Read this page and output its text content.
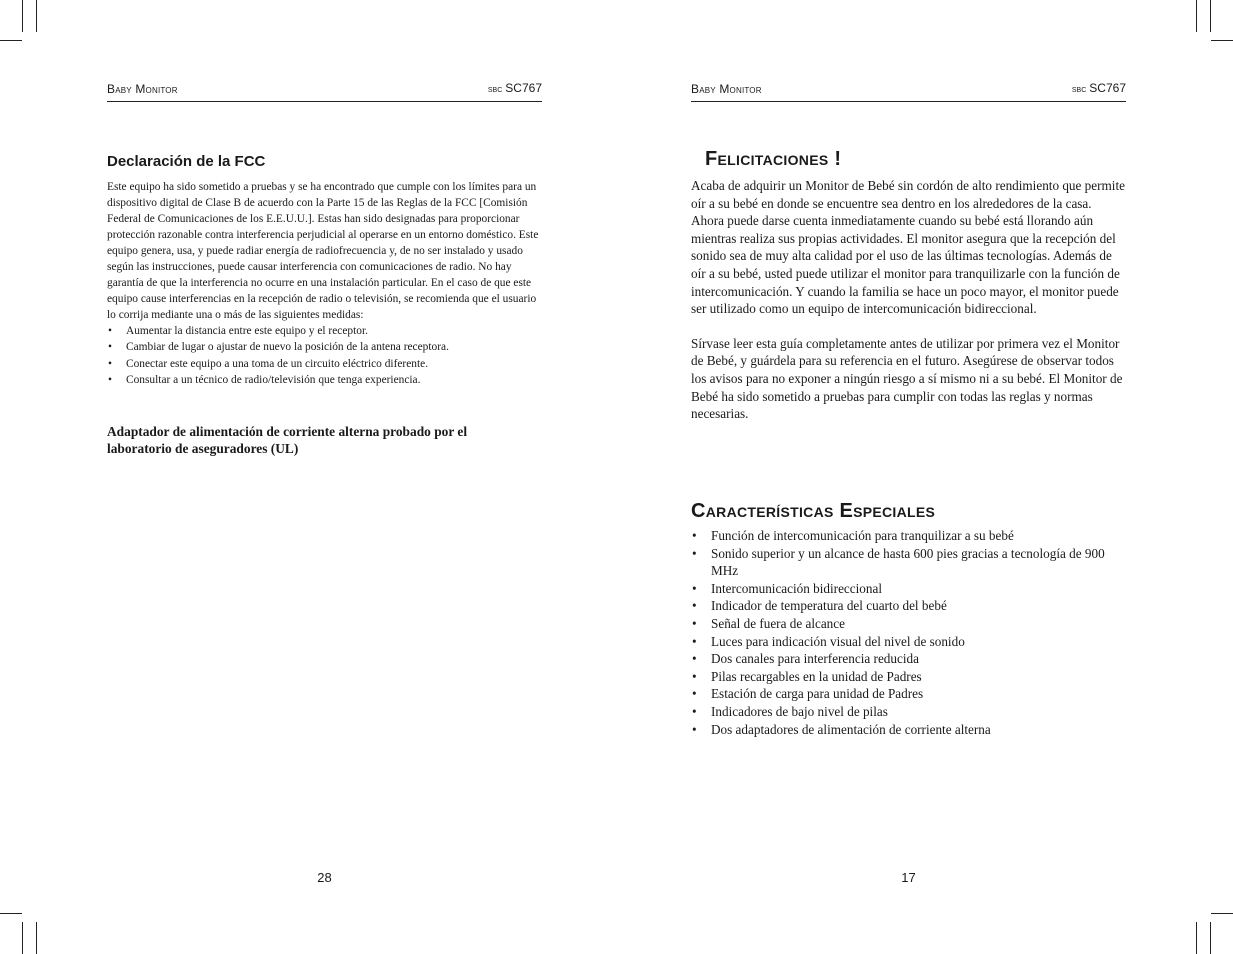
Baby Monitor	sbc SC767
Declaración de la FCC

Este equipo ha sido sometido a pruebas y se ha encontrado que cumple con los límites para un dispositivo digital de Clase B de acuerdo con la Parte 15 de las Reglas de la FCC [Comisión Federal de Comunicaciones de los E.E.U.U.]. Estas han sido designadas para proporcionar protección razonable contra interferencia perjudicial al operarse en un entorno doméstico. Este equipo genera, usa, y puede radiar energía de radiofrecuencia y, de no ser instalado y usado según las instrucciones, puede causar interferencia con comunicaciones de radio. No hay garantía de que la interferencia no ocurre en una instalación particular. En el caso de que este equipo cause interferencias en la recepción de radio o televisión, se recomienda que el usuario lo corrija mediante una o más de las siguientes medidas:

• Aumentar la distancia entre este equipo y el receptor.
• Cambiar de lugar o ajustar de nuevo la posición de la antena receptora.
• Conectar este equipo a una toma de un circuito eléctrico diferente.
• Consultar a un técnico de radio/televisión que tenga experiencia.

Adaptador de alimentación de corriente alterna probado por el laboratorio de aseguradores (UL)

28
Baby Monitor	sbc SC767
Felicitaciones !

Acaba de adquirir un Monitor de Bebé sin cordón de alto rendimiento que permite oír a su bebé en donde se encuentre sea dentro en los alrededores de la casa. Ahora puede darse cuenta inmediatamente cuando su bebé está llorando aún mientras realiza sus propias actividades. El monitor asegura que la recepción del sonido sea de muy alta calidad por el uso de las últimas tecnologías. Además de oír a su bebé, usted puede utilizar el monitor para tranquilizarle con la función de intercomunicación. Y cuando la familia se hace un poco mayor, el monitor puede ser utilizado como un equipo de intercomunicación bidireccional.

Sírvase leer esta guía completamente antes de utilizar por primera vez el Monitor de Bebé, y guárdela para su referencia en el futuro. Asegúrese de observar todos los avisos para no exponer a ningún riesgo a sí mismo ni a su bebé. El Monitor de Bebé ha sido sometido a pruebas para cumplir con todas las reglas y normas necesarias.

Características Especiales
• Función de intercomunicación para tranquilizar a su bebé
• Sonido superior y un alcance de hasta 600 pies gracias a tecnología de 900 MHz
• Intercomunicación bidireccional
• Indicador de temperatura del cuarto del bebé
• Señal de fuera de alcance
• Luces para indicación visual del nivel de sonido
• Dos canales para interferencia reducida
• Pilas recargables en la unidad de Padres
• Estación de carga para unidad de Padres
• Indicadores de bajo nivel de pilas
• Dos adaptadores de alimentación de corriente alterna
17
